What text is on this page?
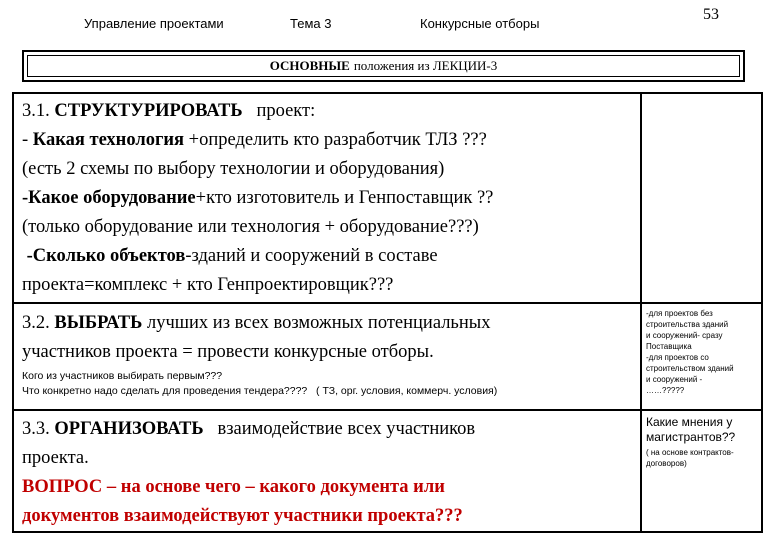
Управление проектами	Тема 3	Конкурсные отборы
53
ОСНОВНЫЕ положения из ЛЕКЦИИ-3
3.1. СТРУКТУРИРОВАТЬ проект:
- Какая технология +определить кто разработчик ТЛЗ ???
(есть 2 схемы по выбору технологии и оборудования)
-Какое оборудование+кто изготовитель и Генпоставщик ??
(только оборудование или технология + оборудование???)
-Сколько объектов-зданий и сооружений в составе
проекта=комплекс + кто Генпроектировщик???
3.2. ВЫБРАТЬ лучших из всех возможных потенциальных
участников проекта = провести конкурсные отборы.
Кого из участников выбирать первым???
Что конкретно надо сделать для проведения тендера???? ( ТЗ, орг. условия, коммерч. условия)
-для проектов без
строительства зданий
и сооружений- сразу
Поставщика
-для проектов со
строительством зданий
и сооружений -
……?????
3.3. ОРГАНИЗОВАТЬ взаимодействие всех участников
проекта.
ВОПРОС – на основе чего – какого документа или
документов взаимодействуют участники проекта???
Какие мнения у
магистрантов??
( на основе контрактов-
договоров)
